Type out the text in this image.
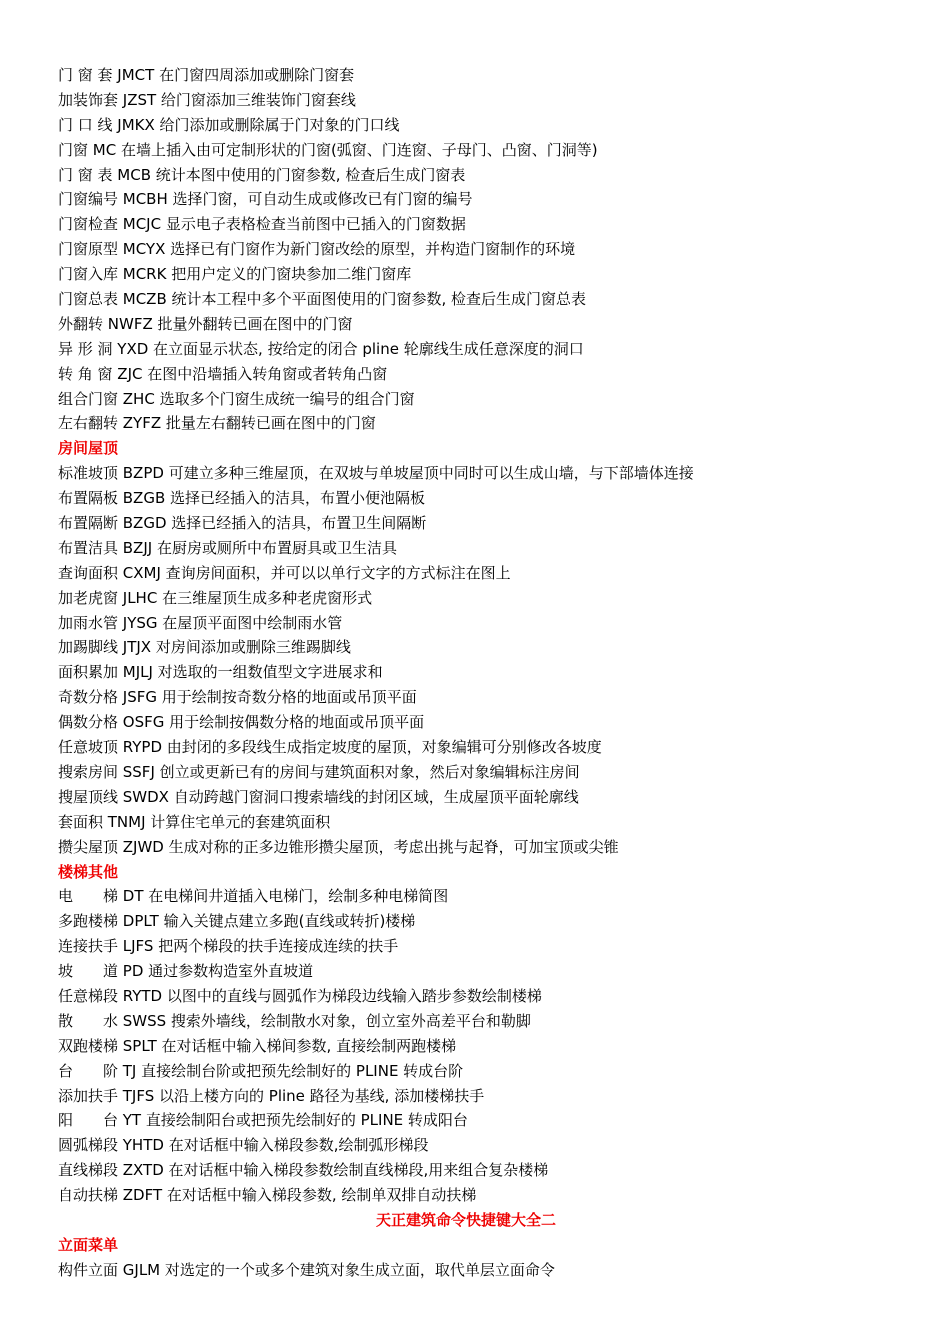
门 窗 套 JMCT 在门窗四周添加或删除门窗套
加装饰套 JZST 给门窗添加三维装饰门窗套线
门 口 线 JMKX 给门添加或删除属于门对象的门口线
门窗 MC 在墙上插入由可定制形状的门窗(弧窗、门连窗、子母门、凸窗、门洞等)
门 窗 表 MCB 统计本图中使用的门窗参数, 检查后生成门窗表
门窗编号 MCBH 选择门窗，可自动生成或修改已有门窗的编号
门窗检查 MCJC 显示电子表格检查当前图中已插入的门窗数据
门窗原型 MCYX 选择已有门窗作为新门窗改绘的原型，并构造门窗制作的环境
门窗入库 MCRK 把用户定义的门窗块参加二维门窗库
门窗总表 MCZB 统计本工程中多个平面图使用的门窗参数, 检查后生成门窗总表
外翻转 NWFZ 批量外翻转已画在图中的门窗
异 形 洞 YXD 在立面显示状态, 按给定的闭合 pline 轮廓线生成任意深度的洞口
转 角 窗 ZJC 在图中沿墙插入转角窗或者转角凸窗
组合门窗 ZHC 选取多个门窗生成统一编号的组合门窗
左右翻转 ZYFZ 批量左右翻转已画在图中的门窗
房间屋顶
标准坡顶 BZPD 可建立多种三维屋顶，在双坡与单坡屋顶中同时可以生成山墙，与下部墙体连接
布置隔板 BZGB 选择已经插入的洁具，布置小便池隔板
布置隔断 BZGD 选择已经插入的洁具，布置卫生间隔断
布置洁具 BZJJ 在厨房或厕所中布置厨具或卫生洁具
查询面积 CXMJ 查询房间面积，并可以以单行文字的方式标注在图上
加老虎窗 JLHC 在三维屋顶生成多种老虎窗形式
加雨水管 JYSG 在屋顶平面图中绘制雨水管
加踢脚线 JTJX 对房间添加或删除三维踢脚线
面积累加 MJLJ 对选取的一组数值型文字进展求和
奇数分格 JSFG 用于绘制按奇数分格的地面或吊顶平面
偶数分格 OSFG 用于绘制按偶数分格的地面或吊顶平面
任意坡顶 RYPD 由封闭的多段线生成指定坡度的屋顶，对象编辑可分别修改各坡度
搜索房间 SSFJ 创立或更新已有的房间与建筑面积对象，然后对象编辑标注房间
搜屋顶线 SWDX 自动跨越门窗洞口搜索墙线的封闭区域，生成屋顶平面轮廓线
套面积 TNMJ 计算住宅单元的套建筑面积
攒尖屋顶 ZJWD 生成对称的正多边锥形攒尖屋顶，考虑出挑与起脊，可加宝顶或尖锥
楼梯其他
电　　梯 DT 在电梯间井道插入电梯门，绘制多种电梯简图
多跑楼梯 DPLT 输入关键点建立多跑(直线或转折)楼梯
连接扶手 LJFS 把两个梯段的扶手连接成连续的扶手
坡　　道 PD 通过参数构造室外直坡道
任意梯段 RYTD 以图中的直线与圆弧作为梯段边线输入踏步参数绘制楼梯
散　　水 SWSS 搜索外墙线，绘制散水对象，创立室外高差平台和勒脚
双跑楼梯 SPLT 在对话框中输入梯间参数, 直接绘制两跑楼梯
台　　阶 TJ 直接绘制台阶或把预先绘制好的 PLINE 转成台阶
添加扶手 TJFS 以沿上楼方向的 Pline 路径为基线, 添加楼梯扶手
阳　　台 YT 直接绘制阳台或把预先绘制好的 PLINE 转成阳台
圆弧梯段 YHTD 在对话框中输入梯段参数,绘制弧形梯段
直线梯段 ZXTD 在对话框中输入梯段参数绘制直线梯段,用来组合复杂楼梯
自动扶梯 ZDFT 在对话框中输入梯段参数, 绘制单双排自动扶梯
天正建筑命令快捷键大全二
立面菜单
构件立面 GJLM 对选定的一个或多个建筑对象生成立面，取代单层立面命令
